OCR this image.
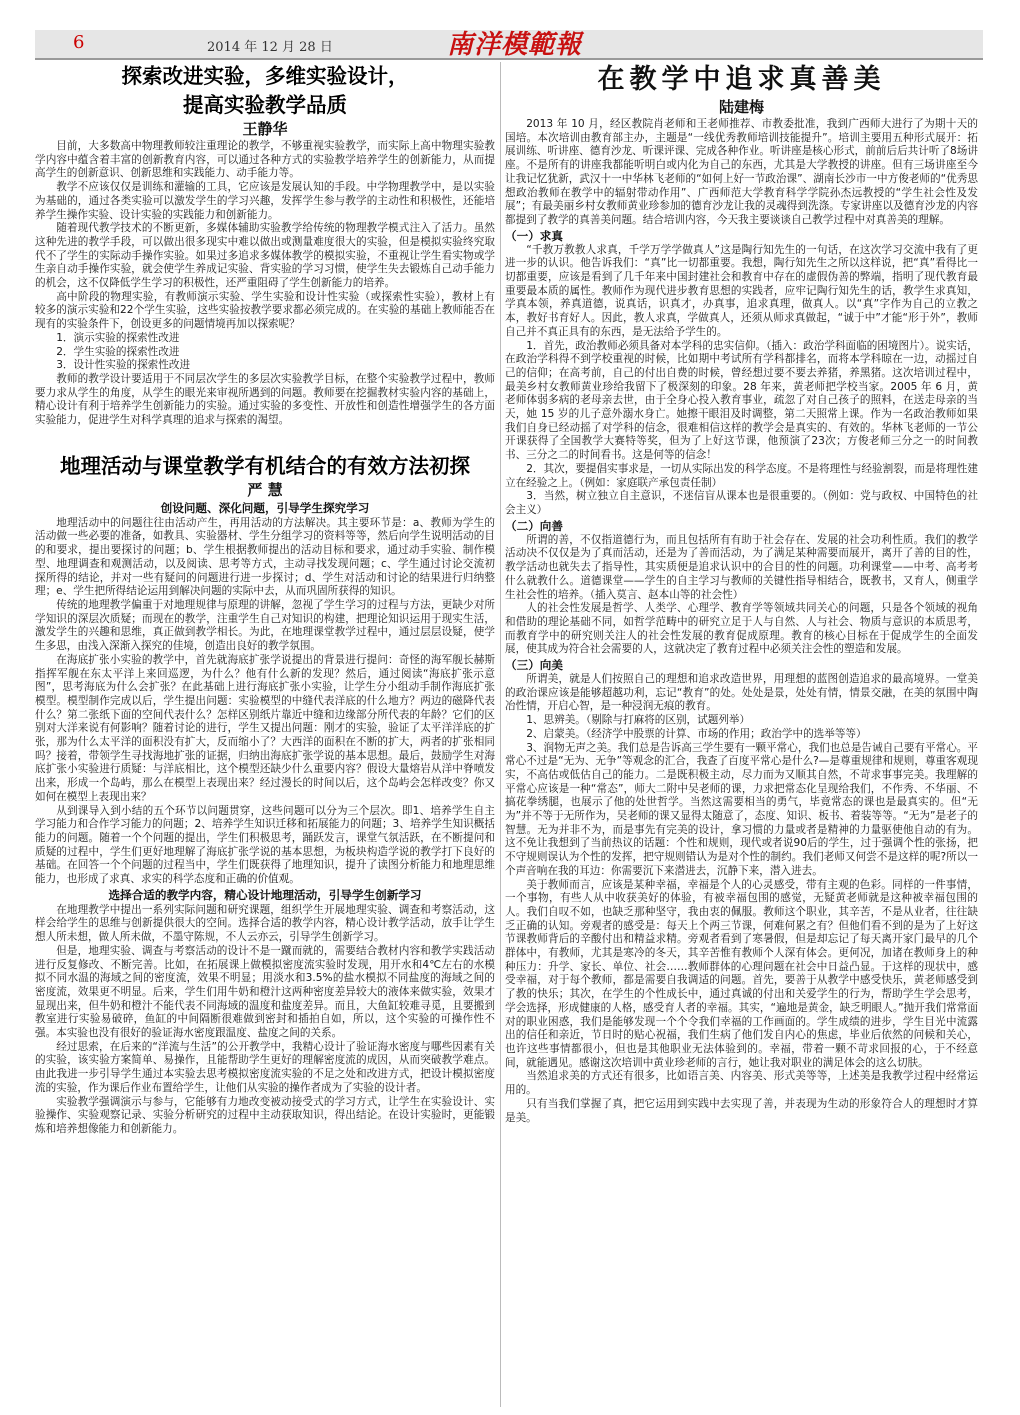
6	2014 年 12 月 28 日	南洋模範報
探索改进实验，多维实验设计，
提高实验教学品质
王静华

目前，大多数高中物理教师较注重理论的教学，不够重视实验教学，而实际上高中物理实验教学内容中蕴含着丰富的创新教育内容，可以通过各种方式的实验教学培养学生的创新能力，从而提高学生的创新意识、创新思维和实践能力、动手能力等。

教学不应该仅仅是训练和灌输的工具，它应该是发展认知的手段。中学物理教学中，是以实验为基础的，通过各类实验可以激发学生的学习兴趣，发挥学生参与教学的主动性和积极性，还能培养学生操作实验、设计实验的实践能力和创新能力。

随着现代教学技术的不断更新，多媒体辅助实验教学给传统的物理教学模式注入了活力。虽然这种先进的教学手段，可以做出很多现实中难以做出或测量难度很大的实验，但是模拟实验终究取代不了学生的实际动手操作实验。如果过多追求多媒体教学的模拟实验，不重视让学生看实物或学生亲自动手操作实验，就会使学生养成记实验、背实验的学习习惯，使学生失去锻炼自己动手能力的机会，这不仅降低学生学习的积极性，还严重阻碍了学生创新能力的培养。

高中阶段的物理实验，有教师演示实验、学生实验和设计性实验（或探索性实验），教材上有较多的演示实验和22个学生实验，这些实验按教学要求都必须完成的。在实验的基础上教师能否在现有的实验条件下，创设更多的问题情境再加以探索呢？

1．演示实验的探索性改进

2．学生实验的探索性改进

3．设计性实验的探索性改进

教师的教学设计要适用于不同层次学生的多层次实验教学目标，在整个实验教学过程中，教师要力求从学生的角度，从学生的眼光来审视所遇到的问题。教师要在挖掘教材实验内容的基础上，精心设计有利于培养学生创新能力的实验。通过实验的多变性、开放性和创造性增强学生的各方面实验能力，促进学生对科学真理的追求与探索的渴望。

地理活动与课堂教学有机结合的有效方法初探
严 慧
创设问题、深化问题，引导学生探究学习

地理活动中的问题往往由活动产生，再用活动的方法解决。其主要环节是：a、教师为学生的活动做一些必要的准备，如教具、实验器材、学生分组学习的资料等等，然后向学生说明活动的目的和要求，提出要探讨的问题；b、学生根据教师提出的活动目标和要求，通过动手实验、制作模型、地理调查和观测活动，以及阅读、思考等方式，主动寻找发现问题；c、学生通过讨论交流初探所得的结论，并对一些有疑问的问题进行进一步探讨；d、学生对活动和讨论的结果进行归纳整理；e、学生把所得结论运用到解决问题的实际中去，从而巩固所获得的知识。

传统的地理教学偏重于对地理规律与原理的讲解，忽视了学生学习的过程与方法，更缺少对所学知识的深层次质疑；而现在的教学，注重学生自己对知识的构建，把理论知识运用于现实生活，激发学生的兴趣和思维，真正做到教学相长。为此，在地理课堂教学过程中，通过层层设疑，使学生多思，由浅入深渐入探究的佳境，创造出良好的教学氛围。

在海底扩张小实验的教学中，首先就海底扩张学说提出的背景进行提问：奇怪的海军舰长赫斯指挥军舰在东太平洋上来回巡逻，为什么？他有什么新的发现？然后，通过阅读“海底扩张示意图”，思考海底为什么会扩张？在此基础上进行海底扩张小实验，让学生分小组动手制作海底扩张模型。模型制作完成以后，学生提出问题：实验模型的中缝代表洋底的什么地方？两边的磁降代表什么？第二张纸下面的空间代表什么？怎样区别纸片靠近中缝和边缘部分所代表的年龄？它们的区别对大洋来说有何影响？随着讨论的进行，学生又提出问题：刚才的实验，验证了太平洋洋底的扩张，那为什么太平洋的面积没有扩大，反而缩小了？大西洋的面积在不断的扩大，两者的扩张相同吗？接着，带领学生寻找海地扩张的证据，归纳出海底扩张学说的基本思想。最后，鼓励学生对海底扩张小实验进行质疑：与洋底相比，这个模型还缺少什么重要内容？假设大量熔岩从洋中脊喷发出来，形成一个岛屿，那么在模型上表现出来？经过漫长的时间以后，这个岛屿会怎样改变？你又如何在模型上表现出来？

从到课导入到小结的五个环节以问题贯穿，这些问题可以分为三个层次。即1、培养学生自主学习能力和合作学习能力的问题；2、培养学生知识迁移和拓展能力的问题；3、培养学生知识概括能力的问题。随着一个个问题的提出，学生们积极思考，踊跃发言，课堂气氛活跃，在不断提问和质疑的过程中，学生们更好地理解了海底扩张学说的基本思想，为板块构造学说的教学打下良好的基础。在回答一个个问题的过程当中，学生们既获得了地理知识，提升了读图分析能力和地理思维能力，也形成了求真、求实的科学态度和正确的价值观。

选择合适的教学内容，精心设计地理活动，引导学生创新学习

在地理教学中提出一系列实际问题和研究课题，组织学生开展地理实验、调查和考察活动，这样会给学生的思维与创新提供很大的空间。选择合适的教学内容，精心设计教学活动，放手让学生想人所未想，做人所未做，不墨守陈规，不人云亦云，引导学生创新学习。

但是，地理实验、调查与考察活动的设计不是一蹴而就的，需要结合教材内容和教学实践活动进行反复修改、不断完善。比如，在拓展课上做模拟密度流实验时发现，用开水和4℃左右的水模拟不同水温的海域之间的密度流，效果不明显；用淡水和3.5%的盐水模拟不同盐度的海域之间的密度流，效果更不明显。后来，学生们用牛奶和橙汁这两种密度差异较大的液体来做实验，效果才显现出来，但牛奶和橙汁不能代表不同海域的温度和盐度差异。而且，大鱼缸较难寻觅，且要搬到教室进行实验易破碎，鱼缸的中间隔断很难做到密封和插拍自如，所以，这个实验的可操作性不强。本实验也没有很好的验证海水密度跟温度、盐度之间的关系。

经过思索，在后来的“洋流与生活”的公开教学中，我精心设计了验证海水密度与哪些因素有关的实验，该实验方案简单、易操作，且能帮助学生更好的理解密度流的成因，从而突破教学难点。由此我进一步引导学生通过本实验去思考模拟密度流实验的不足之处和改进方式，把设计模拟密度流的实验，作为课后作业布置给学生，让他们从实验的操作者成为了实验的设计者。

实验教学强调演示与参与，它能够有力地改变被动接受式的学习方式，让学生在实验设计、实验操作、实验观察记录、实验分析研究的过程中主动获取知识，得出结论。在设计实验时，更能锻炼和培养想像能力和创新能力。

在教学中追求真善美
陆建梅

2013 年 10 月，经区教院肖老师和王老师推荐、市教委批准，我到广西师大进行了为期十天的国培。本次培训由教育部主办，主题是“一线优秀教师培训技能提升”。培训主要用五种形式展开：拓展训练、听讲座、德育沙龙、听课评课、完成各种作业。听讲座是核心形式，前前后后共计听了8场讲座。不是所有的讲座我都能听明白或内化为自己的东西，尤其是大学教授的讲座。但有三场讲座至今让我记忆犹新，武汉十一中华林飞老师的“如何上好一节政治课”、湖南长沙市一中方俊老师的“优秀思想政治教师在教学中的辐射带动作用”、广西师范大学教育科学学院孙杰远教授的“学生社会性及发展”；有最美丽乡村女教师黄业珍参加的德育沙龙让我的灵魂得到洗涤。专家讲座以及德育沙龙的内容都提到了教学的真善美问题。结合培训内容，今天我主要谈谈自己教学过程中对真善美的理解。

（一）求真

“千教万教教人求真，千学万学学做真人”这是陶行知先生的一句话，在这次学习交流中我有了更进一步的认识。他告诉我们：“真”比一切都重要。我想，陶行知先生之所以这样说，把“真”看得比一切都重要，应该是看到了几千年来中国封建社会和教育中存在的虚假伪善的弊端，指明了现代教育最重要最本质的属性。教师作为现代进步教育思想的实践者，应牢记陶行知先生的话，教学生求真知，学真本领，养真道德，说真话，识真才，办真事，追求真理，做真人。以“真”字作为自己的立教之本，教好书育好人。因此，教人求真，学做真人，还须从师求真做起，“诚于中”才能“形于外”，教师自己并不真正具有的东西，是无法给予学生的。

1．首先，政治教师必须具备对本学科的忠实信仰。（插入：政治学科面临的困境图片）。说实话，在政治学科得不到学校重视的时候，比如期中考试所有学科都排名，而将本学科晾在一边，动摇过自己的信仰；在高考前，自己的付出自费的时候，曾经想过要不要去养猪，养黑猪。这次培训过程中，最美乡村女教师黄业珍给我留下了极深刻的印象。28 年来，黄老师把学校当家。2005 年 6 月，黄老师体弱多病的老母亲去世，由于全身心投入教育事业，疏忽了对自己孩子的照料，在送走母亲的当天，她 15 岁的儿子意外溺水身亡。她擦干眼泪及时调整，第二天照常上课。作为一名政治教师如果我们自身已经动摇了对学科的信念，很难相信这样的教学会是真实的、有效的。华林飞老师的一节公开课获得了全国教学大赛特等奖，但为了上好这节课，他预演了23次；方俊老师三分之一的时间教书、三分之二的时间看书。这是何等的信念！

2．其次，要提倡实事求是，一切从实际出发的科学态度。不是将理性与经验割裂，而是将理性建立在经验之上。（例如：家庭联产承包责任制）

3．当然，树立独立自主意识，不迷信盲从课本也是很重要的。（例如：党与政权、中国特色的社会主义）

（二）向善

所谓的善，不仅指道德行为，而且包括所有有助于社会存在、发展的社会功利性质。我们的教学活动决不仅仅是为了真而活动，还是为了善而活动，为了满足某种需要而展开，离开了善的目的性，教学活动也就失去了指导性，其实质便是追求认识中的合目的性的问题。功利课堂——中考、高考考什么就教什么。道德课堂——学生的自主学习与教师的关键性指导相结合，既教书，又育人，侧重学生社会性的培养。（插入莫言、赵本山等的社会性）

人的社会性发展是哲学、人类学、心理学、教育学等领域共同关心的问题，只是各个领域的视角和借助的理论基础不同，如哲学范畴中的研究立足于人与自然、人与社会、物质与意识的本质思考，而教育学中的研究则关注人的社会性发展的教育促成原理。教育的核心目标在于促成学生的全面发展，使其成为符合社会需要的人，这就决定了教育过程中必须关注会性的塑造和发展。

（三）向美

所谓美，就是人们按照自己的理想和追求改造世界，用理想的蓝图创造追求的最高境界。一堂美的政治课应该是能够超越功利，忘记“教育”的处。处处是景，处处有情，情景交融，在美的氛围中陶冶性情，开启心智，是一种浸润无痕的教育。

1、思辨美。（剔除与打麻将的区别，试题列举）

2、启蒙美。（经济学中股票的计算、市场的作用；政治学中的选举等等）

3、润物无声之美。我们总是告诉高三学生要有一颗平常心，我们也总是告诫自己要有平常心。平常心不过是“无为、无争”等观念的汇合，我查了百度平常心是什么?—是尊重规律和规则，尊重客观现实，不高估或低估自己的能力。二是既积极主动，尽力而为又顺其自然，不苛求事事完美。我理解的平常心应该是一种“常态”，师大二附中吴老师的课，力求把常态化呈现给我们，不作秀、不华丽、不搞花拳绣腿，也展示了他的处世哲学。当然这需要相当的勇气，毕竟常态的课也是最真实的。但“无为”并不等于无所作为，吴老师的课又显得太随意了，态度、知识、板书、着装等等。“无为”是老子的智慧。无为并非不为，而是事先有完美的设计，拿习惯的力量或者是精神的力量驱使他自动的有为。这不免让我想到了当前热议的话题：个性和规则，现代或者说90后的学生，过于强调个性的张扬，把不守规则误认为个性的发挥，把守规则错认为是对个性的制约。我们老师又何尝不是这样的呢?所以一个声音响在我的耳边：你需要沉下来潜进去，沉静下来，潜入进去。

美于教师而言，应该是某种幸福，幸福是个人的心灵感受，带有主观的色彩。同样的一件事情，一个事物，有些人从中收获美好的体验，有被幸福包围的感觉，无疑黄老师就是这种被幸福包围的人。我们自叹不如，也缺乏那种坚守，我由衷的佩服。教师这个职业，其辛苦，不是从业者，往往缺乏正确的认知。旁观者的感受是：每天上个两三节课，何难何累之有？但他们看不到的是为了上好这节课教师背后的辛酸付出和精益求精。旁观者看到了寒暑假，但是却忘记了每天离开家门最早的几个群体中，有教师，尤其是寒冷的冬天，其辛苦惟有教师个人深有体会。更何况，加诸在教师身上的种种压力：升学、家长、单位、社会……教师群体的心理问题在社会中日益凸显。于这样的现状中，感受幸福，对于每个教师，都是需要自我调适的问题。首先，要善于从教学中感受快乐，黄老师感受到了教的快乐；其次，在学生的个性成长中，通过真诚的付出和关爱学生的行为，帮助学生学会思考，学会选择，形成健康的人格，感受育人者的幸福。其实，“遍地是黄金，缺乏明眼人。”抛开我们常常面对的职业困惑，我们是能够发现一个个令我们幸福的工作画面的。学生成绩的进步，学生目光中流露出的信任和亲近，节日时的贴心祝福，我们生病了他们发自内心的焦虑，毕业后依然的问候和关心，也许这些事情都很小，但也是其他职业无法体验到的。幸福，带着一颗不苛求回报的心，于不经意间，就能遇见。感谢这次培训中黄业珍老师的言行，她让我对职业的满足体会的这么切肤。

当然追求美的方式还有很多，比如语言美、内容美、形式美等等，上述美是我教学过程中经常运用的。

只有当我们掌握了真，把它运用到实践中去实现了善，并表现为生动的形象符合人的理想时才算是美。
